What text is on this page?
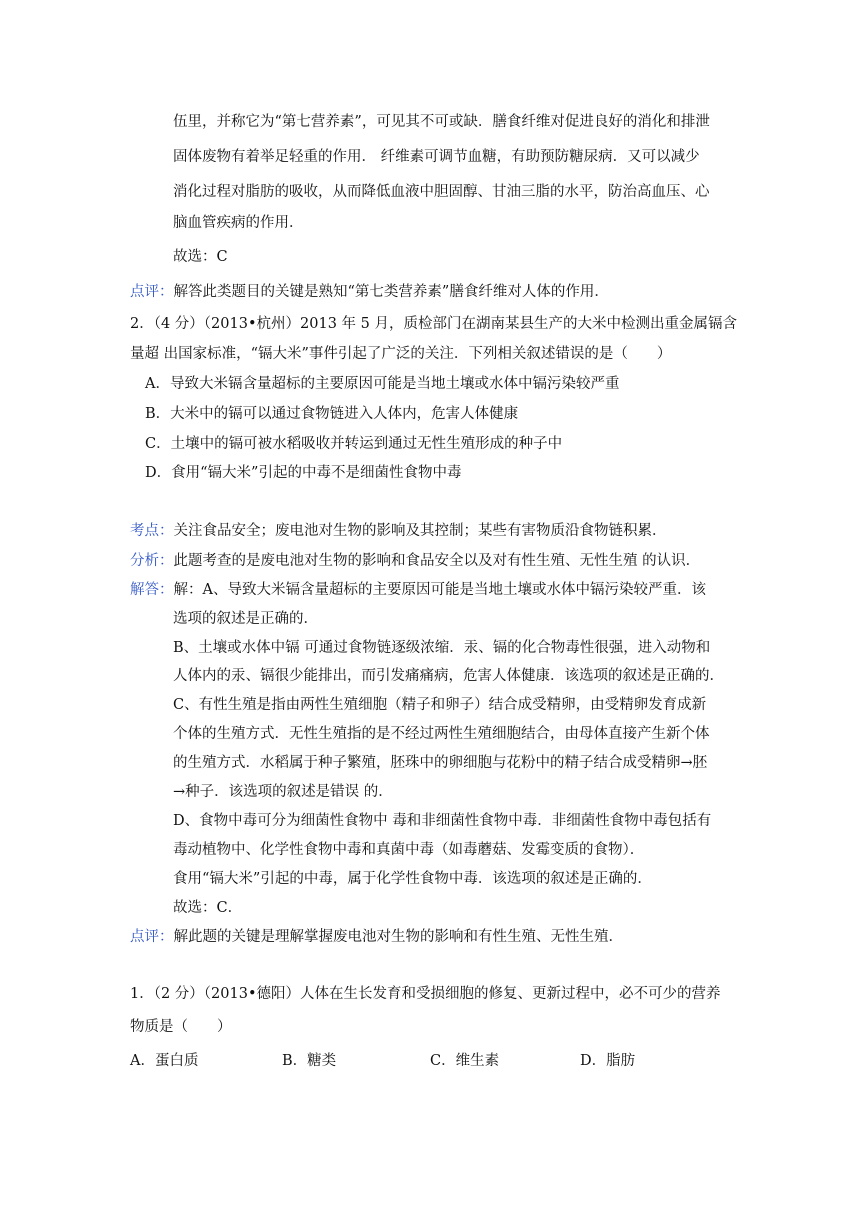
伍里，并称它为“第七营养素”，可见其不可或缺．膳食纤维对促进良好的消化和排泄
固体废物有着举足轻重的作用． 纤维素可调节血糖，有助预防糖尿病．又可以减少
消化过程对脂肪的吸收，从而降低血液中胆固醇、甘油三脂的水平，防治高血压、心
脑血管疾病的作用．
故选：C
点评：解答此类题目的关键是熟知“第七类营养素”膳食纤维对人体的作用．
2．（4 分）（2013•杭州）2013 年 5 月，质检部门在湖南某县生产的大米中检测出重金属镉含
量超 出国家标准，“镉大米”事件引起了广泛的关注．下列相关叙述错误的是（　　）
A．导致大米镉含量超标的主要原因可能是当地土壤或水体中镉污染较严重
B．大米中的镉可以通过食物链进入人体内，危害人体健康
C．土壤中的镉可被水稻吸收并转运到通过无性生殖形成的种子中
D．食用“镉大米”引起的中毒不是细菌性食物中毒
考点：关注食品安全；废电池对生物的影响及其控制；某些有害物质沿食物链积累．
分析：此题考查的是废电池对生物的影响和食品安全以及对有性生殖、无性生殖 的认识．
解答：解：A、导致大米镉含量超标的主要原因可能是当地土壤或水体中镉污染较严重．该
选项的叙述是正确的．
B、土壤或水体中镉 可通过食物链逐级浓缩．汞、镉的化合物毒性很强，进入动物和
人体内的汞、镉很少能排出，而引发痛痛病，危害人体健康．该选项的叙述是正确的．
C、有性生殖是指由两性生殖细胞（精子和卵子）结合成受精卵，由受精卵发育成新
个体的生殖方式．无性生殖指的是不经过两性生殖细胞结合，由母体直接产生新个体
的生殖方式．水稻属于种子繁殖，胚珠中的卵细胞与花粉中的精子结合成受精卵→胚
→种子．该选项的叙述是错误 的．
D、食物中毒可分为细菌性食物中 毒和非细菌性食物中毒．非细菌性食物中毒包括有
毒动植物中、化学性食物中毒和真菌中毒（如毒蘑菇、发霉变质的食物）．
食用“镉大米”引起的中毒，属于化学性食物中毒．该选项的叙述是正确的．
故选：C．
点评：解此题的关键是理解掌握废电池对生物的影响和有性生殖、无性生殖．
1．（2 分）（2013•德阳）人体在生长发育和受损细胞的修复、更新过程中，必不可少的营养
物质是（　　）
A．蛋白质	B．糖类	C．维生素	D．脂肪
